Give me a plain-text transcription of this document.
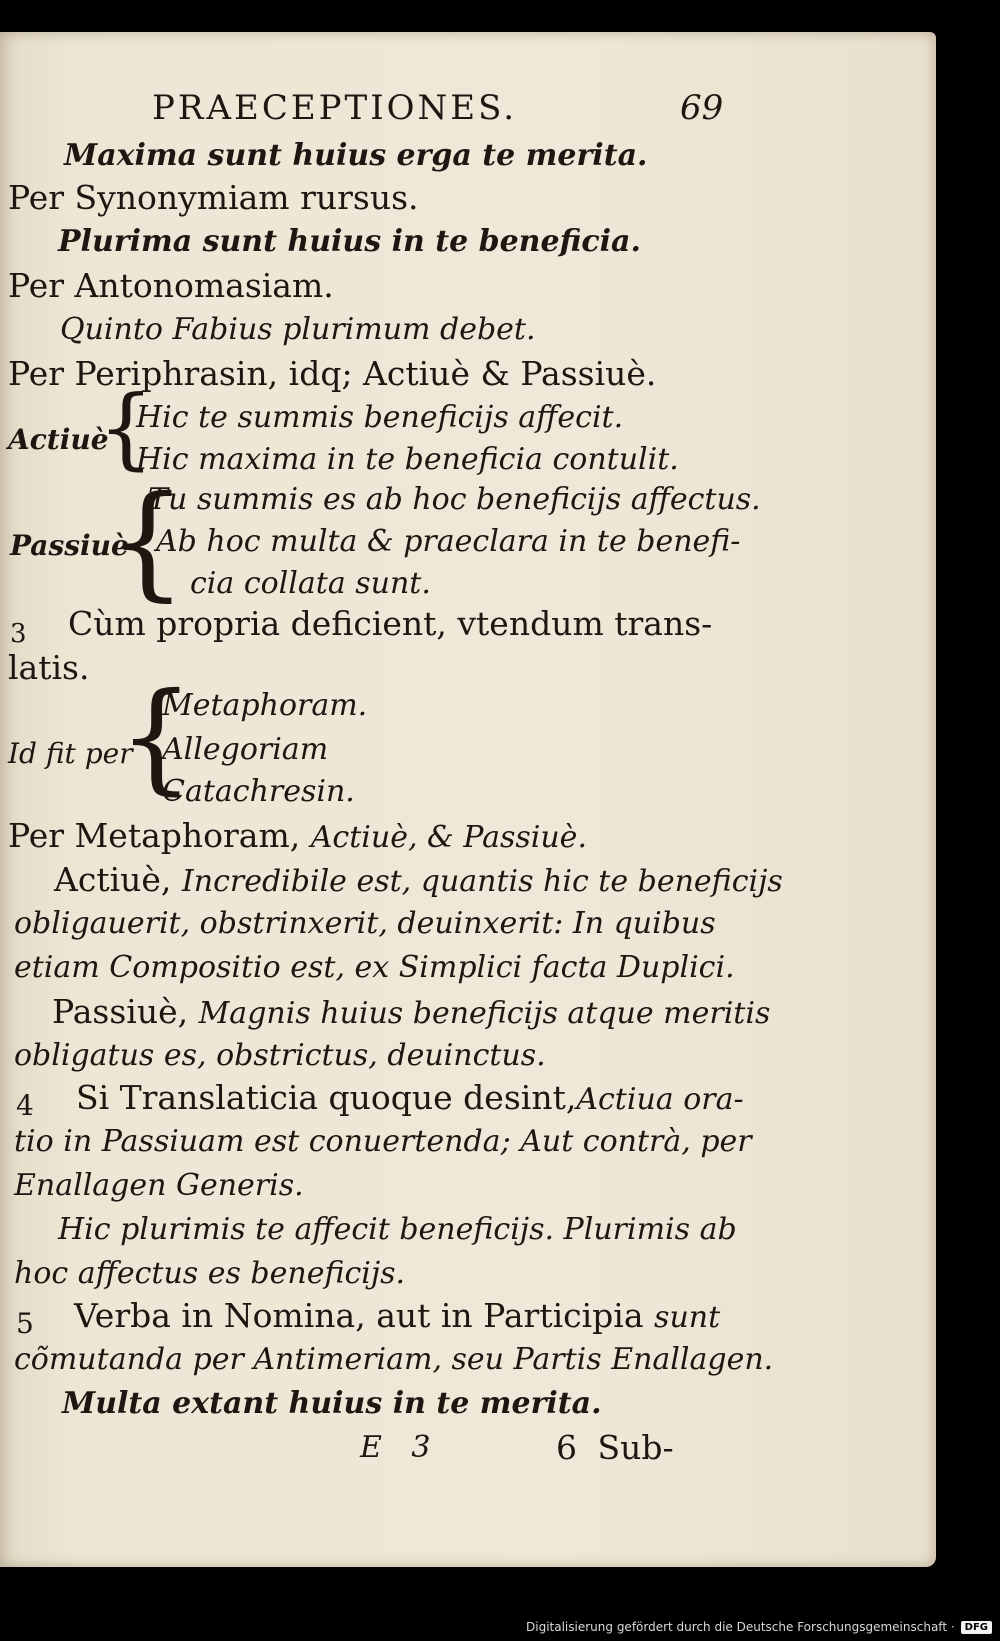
PRAECEPTIONES.	69
Maxima sunt huius erga te merita.
Per Synonymiam rursus.
Plurima sunt huius in te beneficia.
Per Antonomasiam.
Quinto Fabius plurimum debet.
Per Periphrasin, idq; Actiuè & Passiuè.
Actiuè
{
Hic te summis beneficijs affecit.
Hic maxima in te beneficia contulit.
Passiuè
{
Tu summis es ab hoc beneficijs affectus.
Ab hoc multa & praeclara in te benefi-
cia collata sunt.
3 Cùm propria deficient, vtendum trans-
latis.
Id fit per
{
Metaphoram.
Allegoriam
Catachresin.
Per Metaphoram, Actiuè, & Passiuè.
Actiuè, Incredibile est, quantis hic te beneficijs
obligauerit, obstrinxerit, deuinxerit: In quibus
etiam Compositio est, ex Simplici facta Duplici.
Passiuè, Magnis huius beneficijs atque meritis
obligatus es, obstrictus, deuinctus.
4 Si Translaticia quoque desint,Actiua ora-
tio in Passiuam est conuertenda; Aut contrà, per
Enallagen Generis.
Hic plurimis te affecit beneficijs. Plurimis ab
hoc affectus es beneficijs.
5 Verba in Nomina, aut in Participia sunt
cõmutanda per Antimeriam, seu Partis Enallagen.
Multa extant huius in te merita.
E 3	6 Sub-
Digitalisierung gefördert durch die Deutsche Forschungsgemeinschaft ·	DFG
